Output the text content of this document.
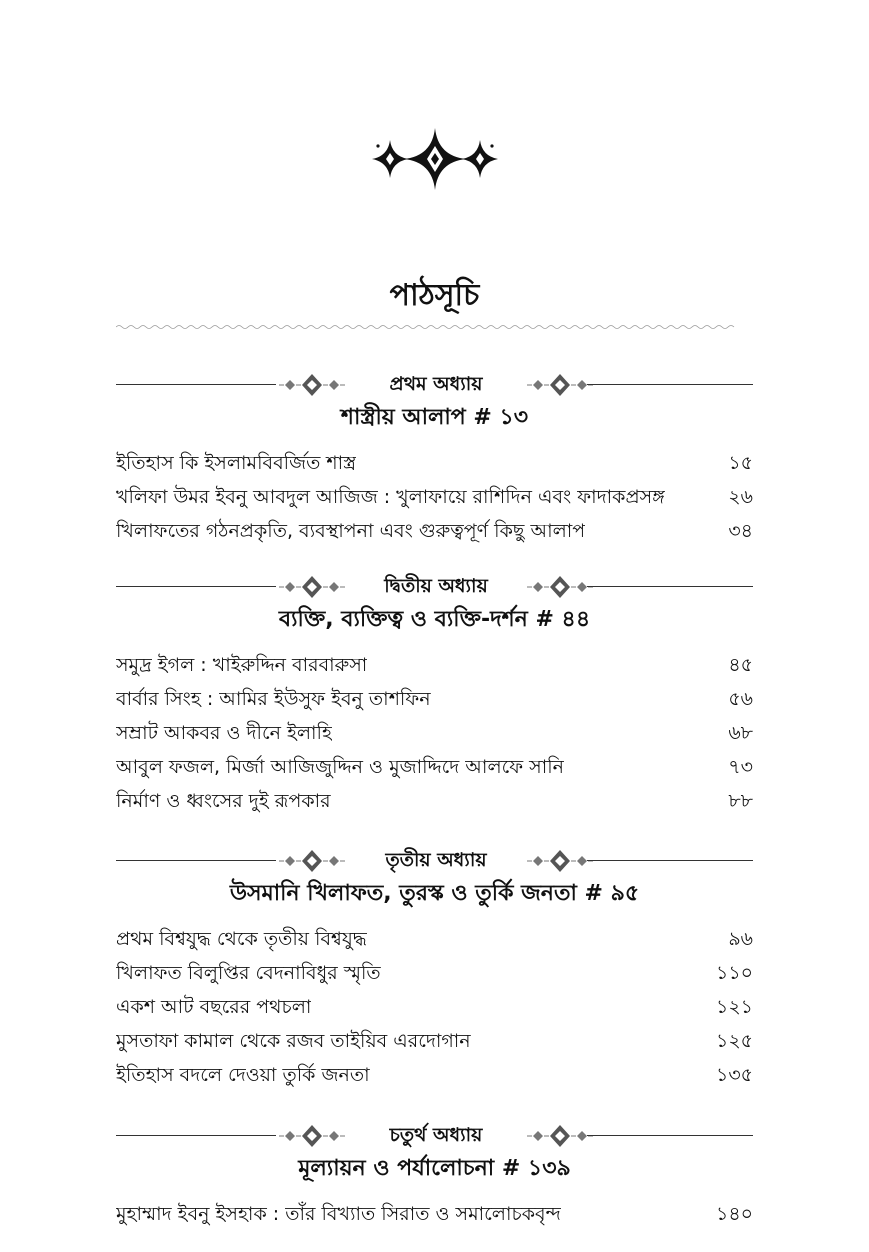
পাঠসূচি
প্রথম অধ্যায়
শাস্ত্রীয় আলাপ # ১৩
ইতিহাস কি ইসলামবিবর্জিত শাস্ত্র	১৫
খলিফা উমর ইবনু আবদুল আজিজ : খুলাফায়ে রাশিদিন এবং ফাদাকপ্রসঙ্গ	২৬
খিলাফতের গঠনপ্রকৃতি, ব্যবস্থাপনা এবং গুরুত্বপূর্ণ কিছু আলাপ	৩৪
দ্বিতীয় অধ্যায়
ব্যক্তি, ব্যক্তিত্ব ও ব্যক্তি-দর্শন # ৪৪
সমুদ্র ইগল : খাইরুদ্দিন বারবারুসা	৪৫
বার্বার সিংহ : আমির ইউসুফ ইবনু তাশফিন	৫৬
সম্রাট আকবর ও দীনে ইলাহি	৬৮
আবুল ফজল, মির্জা আজিজুদ্দিন ও মুজাদ্দিদে আলফে সানি	৭৩
নির্মাণ ও ধ্বংসের দুই রূপকার	৮৮
তৃতীয় অধ্যায়
উসমানি খিলাফত, তুরস্ক ও তুর্কি জনতা # ৯৫
প্রথম বিশ্বযুদ্ধ থেকে তৃতীয় বিশ্বযুদ্ধ	৯৬
খিলাফত বিলুপ্তির বেদনাবিধুর স্মৃতি	১১০
একশ আট বছরের পথচলা	১২১
মুসতাফা কামাল থেকে রজব তাইয়িব এরদোগান	১২৫
ইতিহাস বদলে দেওয়া তুর্কি জনতা	১৩৫
চতুর্থ অধ্যায়
মূল্যায়ন ও পর্যালোচনা # ১৩৯
মুহাম্মাদ ইবনু ইসহাক : তাঁর বিখ্যাত সিরাত ও সমালোচকবৃন্দ	১৪০
